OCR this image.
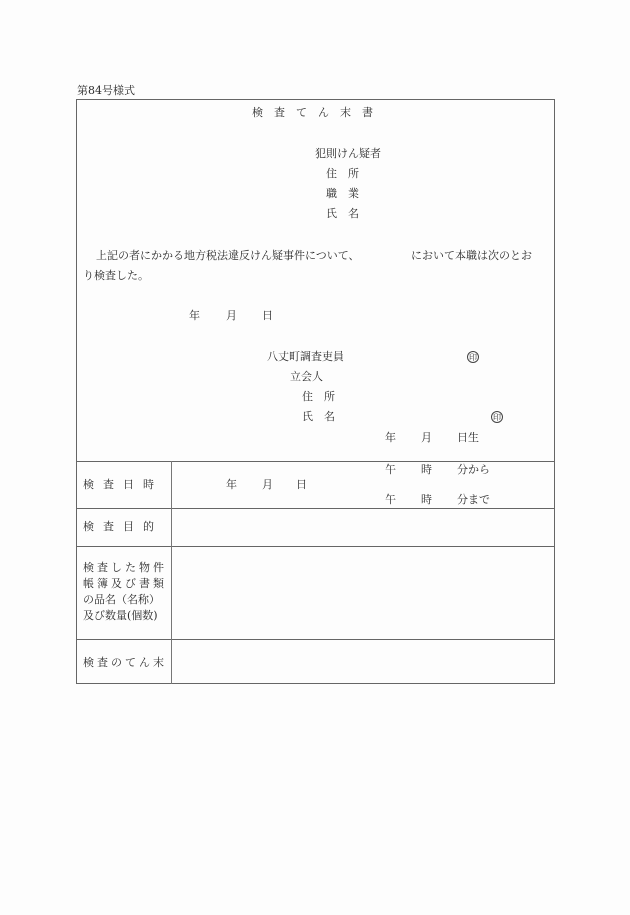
第84号様式
検査てん末書
犯則けん疑者
住　所
職　業
氏　名
上記の者にかかる地方税法違反けん疑事件について、	において本職は次のとお
り検査した。
年 月 日
八丈町調査吏員	印
立会人
住　所
氏　名	印
年 月 日生
検査日時	年 月 日
午 時 分から
午 時 分まで
検査目的
検査した物件
帳簿及び書類
の品名（名称）
及び数量(個数)
検査のてん末
